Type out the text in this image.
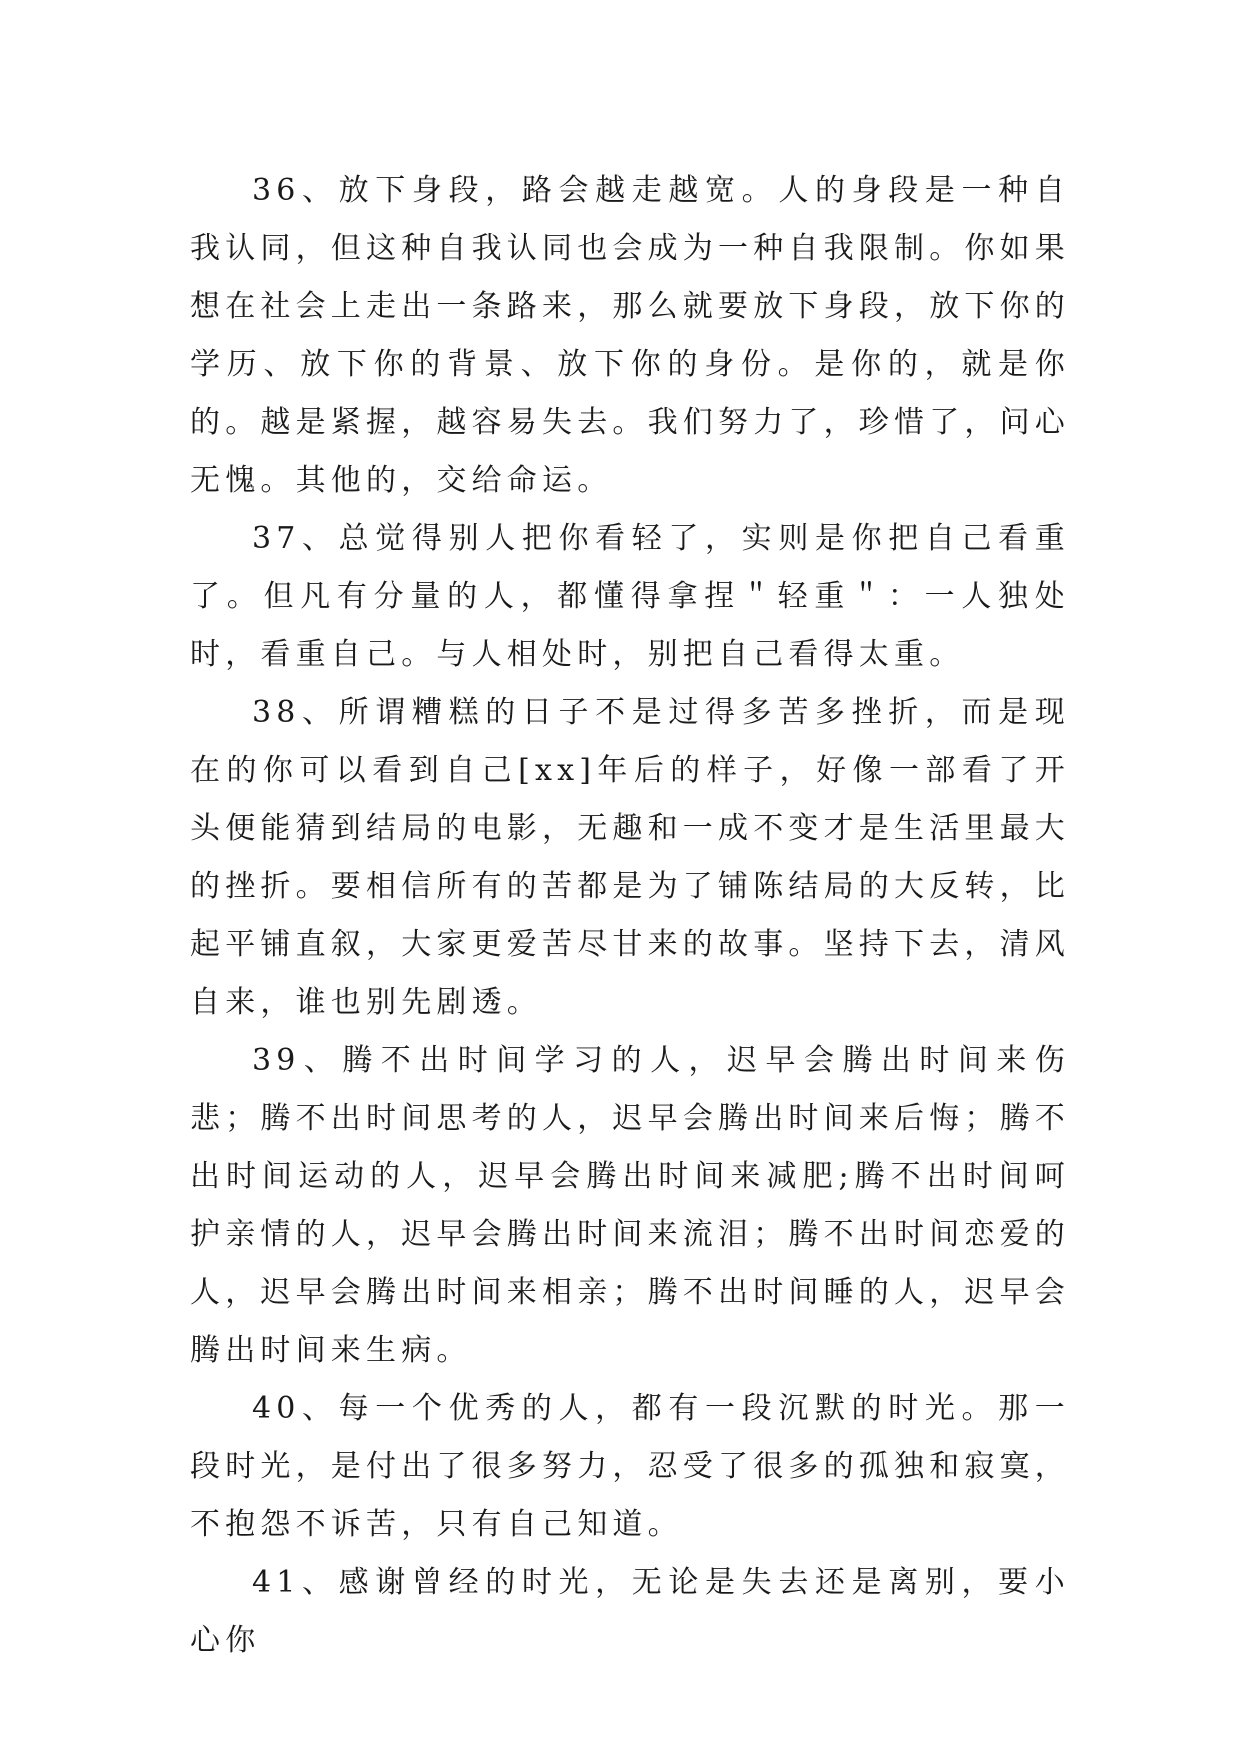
36、放下身段，路会越走越宽。人的身段是一种自我认同，但这种自我认同也会成为一种自我限制。你如果想在社会上走出一条路来，那么就要放下身段，放下你的学历、放下你的背景、放下你的身份。是你的，就是你的。越是紧握，越容易失去。我们努力了，珍惜了，问心无愧。其他的，交给命运。

37、总觉得别人把你看轻了，实则是你把自己看重了。但凡有分量的人，都懂得拿捏＂轻重＂：一人独处时，看重自己。与人相处时，别把自己看得太重。

38、所谓糟糕的日子不是过得多苦多挫折，而是现在的你可以看到自己[xx]年后的样子，好像一部看了开头便能猜到结局的电影，无趣和一成不变才是生活里最大的挫折。要相信所有的苦都是为了铺陈结局的大反转，比起平铺直叙，大家更爱苦尽甘来的故事。坚持下去，清风自来，谁也别先剧透。

39、腾不出时间学习的人，迟早会腾出时间来伤悲；腾不出时间思考的人，迟早会腾出时间来后悔；腾不出时间运动的人，迟早会腾出时间来减肥;腾不出时间呵护亲情的人，迟早会腾出时间来流泪；腾不出时间恋爱的人，迟早会腾出时间来相亲；腾不出时间睡的人，迟早会腾出时间来生病。

40、每一个优秀的人，都有一段沉默的时光。那一段时光，是付出了很多努力，忍受了很多的孤独和寂寞，不抱怨不诉苦，只有自己知道。

41、感谢曾经的时光，无论是失去还是离别，要小心你
